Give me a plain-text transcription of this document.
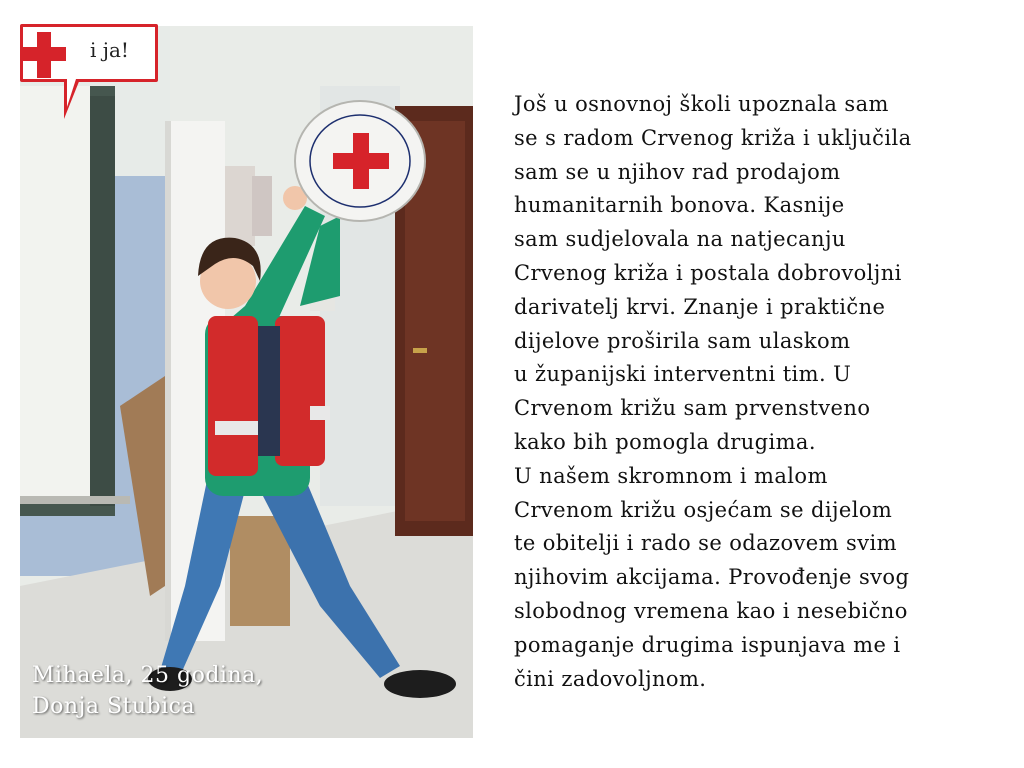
i ja!
Mihaela, 25 godina,
Donja Stubica
Još u osnovnoj školi upoznala sam
se s radom Crvenog križa i uključila
sam se u njihov rad prodajom
humanitarnih bonova. Kasnije
sam sudjelovala na natjecanju
Crvenog križa i postala dobrovoljni
darivatelj krvi. Znanje i praktične
dijelove proširila sam ulaskom
u županijski interventni tim. U
Crvenom križu sam prvenstveno
kako bih pomogla drugima.
U našem skromnom i malom
Crvenom križu osjećam se dijelom
te obitelji i rado se odazovem svim
njihovim akcijama. Provođenje svog
slobodnog vremena kao i nesebično
pomaganje drugima ispunjava me i
čini zadovoljnom.
